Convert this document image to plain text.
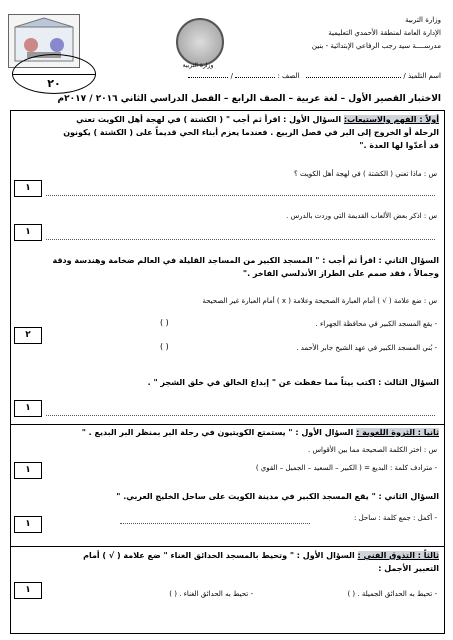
وزارة التربية
الإدارة العامة لمنطقة الأحمدي التعليمية
مدرســــة سيد رجب الرفاعي الإبتدائية - بنين
وزارة التربية
٢٠
اسم التلميذ /    الصف :  /
الاختبار القصير الأول – لغة عربية – الصف الرابع – الفصل الدراسي الثاني ٢٠١٦ / ٢٠١٧م
أولاً : الفهم والاستيعاب: السؤال الأول : اقرأ ثم أجب " ( الكشتة ) في لهجة أهل الكويت تعني
الرحلة أو الخروج إلى البر في فصل الربيع . فعندما يعزم أبناء الحي قديماً على ( الكشتة ) يكونون
قد أعدّوا لها العدة ."
س : ماذا تعني ( الكشتة ) في لهجة أهل الكويت ؟
١
س : اذكر بعض الألعاب القديمة التي وردت بالدرس .
١
السؤال الثاني : اقرأ ثم أجب : " المسجد الكبير من المساجد القليلة في العالم ضخامة وهندسة ودقة
وجمالاً ، فقد صمم على الطراز الأندلسي الفاخر ."
س : ضع علامة ( √ ) أمام العبارة الصحيحة وعلامة ( x ) أمام العبارة غير الصحيحة
- يقع المسجد الكبير في محافظة الجهراء .
( )
- بُني المسجد الكبير في عهد الشيخ جابر الأحمد .
( )
٢
السؤال الثالث : اكتب بيتاً مما حفظت عن " إبداع الخالق في خلق الشجر " .
١
ثانيا : الثروة اللغوية : السؤال الأول : " يستمتع الكويتيون في رحلة البر بمنظر البر البديع . "
س : اختر الكلمة الصحيحة مما بين الأقواس .
- مترادف كلمة : البديع = ( الكبير – السعيد – الجميل – القوي )
١
السؤال الثاني : " يقع المسجد الكبير في مدينة الكويت على ساحل الخليج العربي. "
- أكمل : جمع كلمة : ساحل :
١
ثالثاً : التذوق الفني : السؤال الأول : " وتحيط بالمسجد الحدائق الغناء " ضع علامة ( √ ) أمام
التعبير الأجمل :
١	- تحيط به الحدائق الجميلة . ( )
- تحيط به الحدائق الغناء . ( )
